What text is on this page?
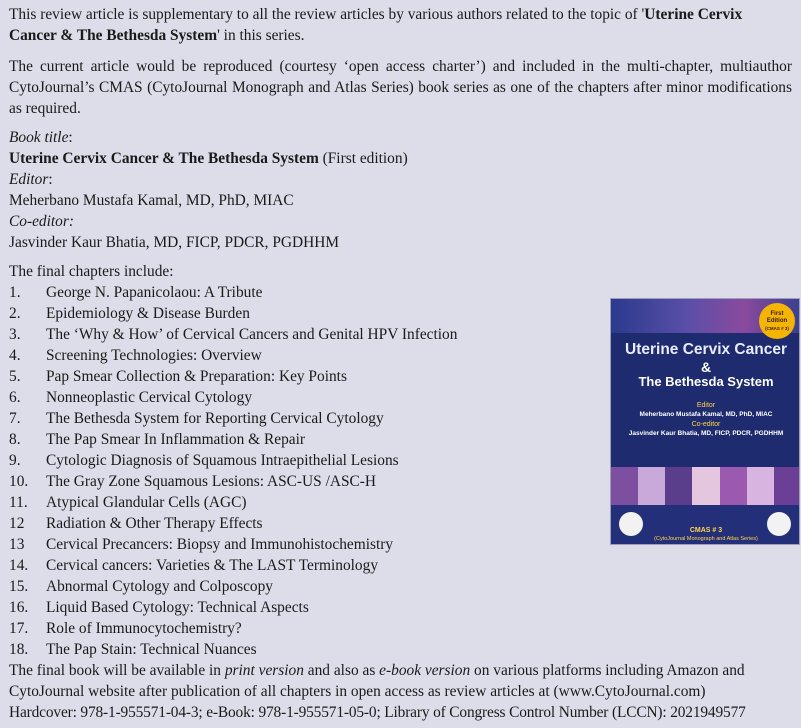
This review article is supplementary to all the review articles by various authors related to the topic of 'Uterine Cervix Cancer & The Bethesda System' in this series.

The current article would be reproduced (courtesy ‘open access charter’) and included in the multi-chapter, multiauthor CytoJournal’s CMAS (CytoJournal Monograph and Atlas Series) book series as one of the chapters after minor modifications as required.

Book title:
Uterine Cervix Cancer & The Bethesda System (First edition)
Editor:
Meherbano Mustafa Kamal, MD, PhD, MIAC
Co-editor:
Jasvinder Kaur Bhatia, MD, FICP, PDCR, PGDHHM
The final chapters include:
1. George N. Papanicolaou: A Tribute
2. Epidemiology & Disease Burden
3. The ‘Why & How’ of Cervical Cancers and Genital HPV Infection
4. Screening Technologies: Overview
5. Pap Smear Collection & Preparation: Key Points
6. Nonneoplastic Cervical Cytology
7. The Bethesda System for Reporting Cervical Cytology
8. The Pap Smear In Inflammation & Repair
9. Cytologic Diagnosis of Squamous Intraepithelial Lesions
10. The Gray Zone Squamous Lesions: ASC-US /ASC-H
11. Atypical Glandular Cells (AGC)
12 Radiation & Other Therapy Effects
13 Cervical Precancers: Biopsy and Immunohistochemistry
14. Cervical cancers: Varieties & The LAST Terminology
15. Abnormal Cytology and Colposcopy
16. Liquid Based Cytology: Technical Aspects
17. Role of Immunocytochemistry?
18. The Pap Stain: Technical Nuances
The final book will be available in print version and also as e-book version on various platforms including Amazon and
CytoJournal website after publication of all chapters in open access as review articles at (www.CytoJournal.com)
Hardcover: 978-1-955571-04-3; e-Book: 978-1-955571-05-0; Library of Congress Control Number (LCCN): 2021949577
First
Edition
(CMAS # 3)
Uterine Cervix Cancer
&
The Bethesda System
Editor
Meherbano Mustafa Kamal, MD, PhD, MIAC
Co-editor
Jasvinder Kaur Bhatia, MD, FICP, PDCR, PGDHHM
CMAS # 3
(CytoJournal Monograph and Atlas Series)
